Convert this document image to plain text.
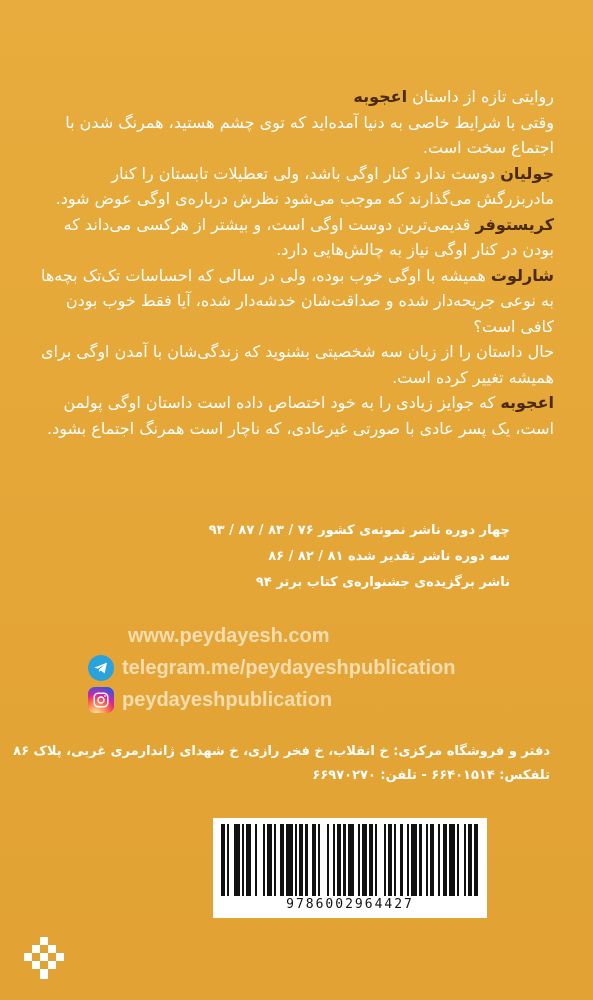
روایتی تازه از داستان اعجوبه

وقتی با شرایط خاصی به دنیا آمده‌اید که توی چشم هستید، همرنگ شدن با اجتماع سخت است.

جولیان دوست ندارد کنار اوگی باشد، ولی تعطیلات تابستان را کنار مادربزرگش می‌گذارند که موجب می‌شود نظرش درباره‌ی اوگی عوض شود.

کریستوفر قدیمی‌ترین دوست اوگی است، و بیشتر از هرکسی می‌داند که بودن در کنار اوگی نیاز به چالش‌هایی دارد.

شارلوت همیشه با اوگی خوب بوده، ولی در سالی که احساسات تک‌تک بچه‌ها به نوعی جریحه‌دار شده و صداقت‌شان خدشه‌دار شده، آیا فقط خوب بودن کافی است؟

حال داستان را از زبان سه شخصیتی بشنوید که زندگی‌شان با آمدن اوگی برای همیشه تغییر کرده است.

اعجوبه که جوایز زیادی را به خود اختصاص داده است داستان اوگی پولمن است، یک پسر عادی با صورتی غیرعادی، که ناچار است همرنگ اجتماع بشود.

چهار دوره ناشر نمونه‌ی کشور ۷۶ / ۸۳ / ۸۷ / ۹۳
سه دوره ناشر تقدیر شده ۸۱ / ۸۲ / ۸۶
ناشر برگزیده‌ی جشنواره‌ی کتاب برتر ۹۴
www.peydayesh.com
telegram.me/peydayeshpublication
peydayeshpublication
دفتر و فروشگاه مرکزی: خ انقلاب، خ فخر رازی، خ شهدای ژاندارمری غربی، پلاک ۸۶
تلفکس: ۶۶۴۰۱۵۱۴ - تلفن: ۶۶۹۷۰۲۷۰
9786002964427
